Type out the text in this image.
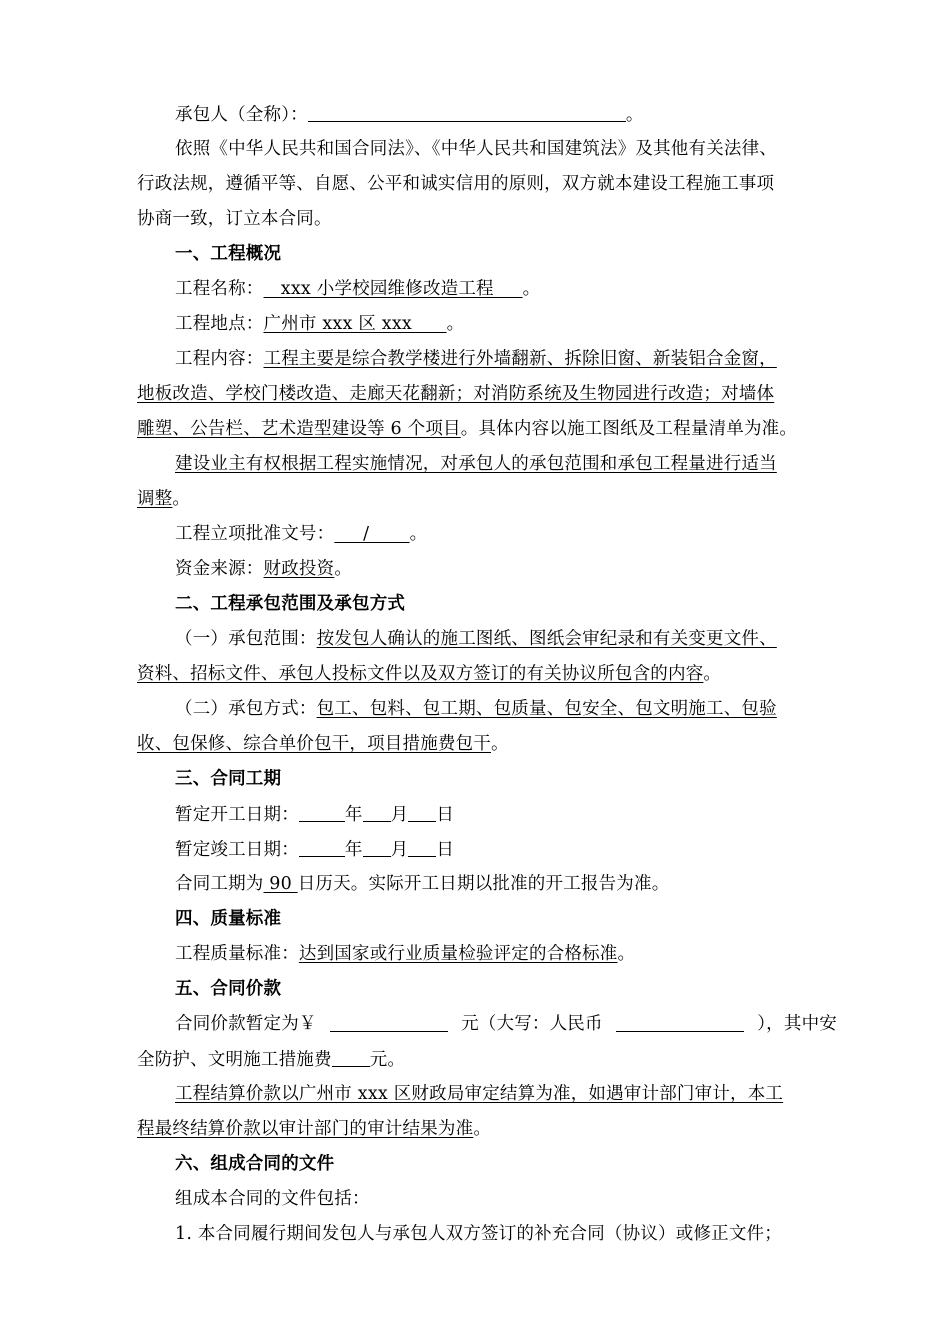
承包人（全称）：	。
依照《中华人民共和国合同法》、《中华人民共和国建筑法》及其他有关法律、
行政法规，遵循平等、自愿、公平和诚实信用的原则，双方就本建设工程施工事项
协商一致，订立本合同。
一、工程概况
工程名称：   xxx 小学校园维修改造工程     。
工程地点：广州市 xxx 区 xxx      。
工程内容：工程主要是综合教学楼进行外墙翻新、拆除旧窗、新装铝合金窗，
地板改造、学校门楼改造、走廊天花翻新；对消防系统及生物园进行改造；对墙体
雕塑、公告栏、艺术造型建设等 6 个项目。具体内容以施工图纸及工程量清单为准。
建设业主有权根据工程实施情况，对承包人的承包范围和承包工程量进行适当
调整。
工程立项批准文号：     /       。
资金来源：财政投资。
二、工程承包范围及承包方式
（一）承包范围：按发包人确认的施工图纸、图纸会审纪录和有关变更文件、
资料、招标文件、承包人投标文件以及双方签订的有关协议所包含的内容。
（二）承包方式：包工、包料、包工期、包质量、包安全、包文明施工、包验
收、包保修、综合单价包干，项目措施费包干。
三、合同工期
暂定开工日期：	年 月 日
暂定竣工日期：	年 月 日
合同工期为 90 日历天。实际开工日期以批准的开工报告为准。
四、质量标准
工程质量标准：达到国家或行业质量检验评定的合格标准。
五、合同价款
合同价款暂定为￥	元（大写：人民币	），其中安
全防护、文明施工措施费 元。
工程结算价款以广州市 xxx 区财政局审定结算为准，如遇审计部门审计，本工
程最终结算价款以审计部门的审计结果为准。
六、组成合同的文件
组成本合同的文件包括：
1. 本合同履行期间发包人与承包人双方签订的补充合同（协议）或修正文件；
